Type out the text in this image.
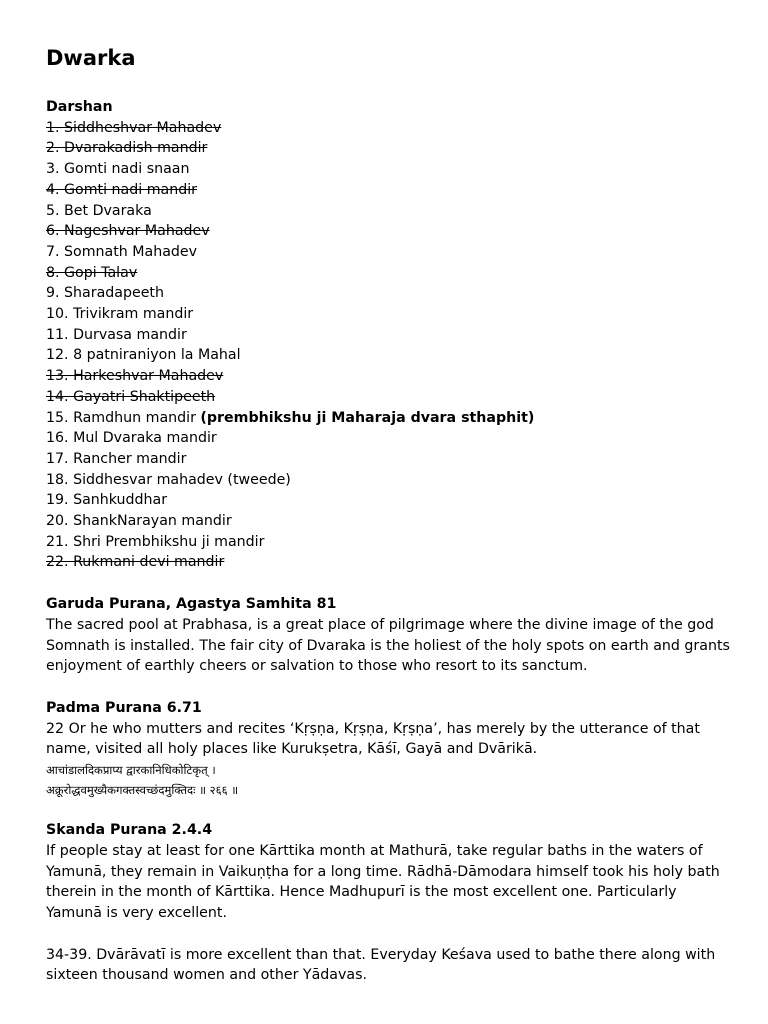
Dwarka
Darshan
1. Siddheshvar Mahadev
2. Dvarakadish mandir
3. Gomti nadi snaan
4. Gomti nadi mandir
5. Bet Dvaraka
6. Nageshvar Mahadev
7. Somnath Mahadev
8. Gopi Talav
9. Sharadapeeth
10. Trivikram mandir
11. Durvasa mandir
12. 8 patniraniyon la Mahal
13. Harkeshvar Mahadev
14. Gayatri Shaktipeeth
15. Ramdhun mandir (prembhikshu ji Maharaja dvara sthaphit)
16. Mul Dvaraka mandir
17. Rancher mandir
18. Siddhesvar mahadev (tweede)
19. Sanhkuddhar
20. ShankNarayan mandir
21. Shri Prembhikshu ji mandir
22. Rukmani devi mandir
Garuda Purana, Agastya Samhita 81
The sacred pool at Prabhasa, is a great place of pilgrimage where the divine image of the god Somnath is installed. The fair city of Dvaraka is the holiest of the holy spots on earth and grants enjoyment of earthly cheers or salvation to those who resort to its sanctum.
Padma Purana 6.71
22 Or he who mutters and recites ‘Kṛṣṇa, Kṛṣṇa, Kṛṣṇa’, has merely by the utterance of that name, visited all holy places like Kurukṣetra, Kāśī, Gayā and Dvārikā.
आचांडालदिकप्राप्य द्वारकानिधिकोटिकृत् ।
अक्रूरोद्धवमुख्यैकगक्तस्वच्छंदमुक्तिदः ॥ २६६ ॥
Skanda Purana 2.4.4
If people stay at least for one Kārttika month at Mathurā, take regular baths in the waters of Yamunā, they remain in Vaikuṇṭha for a long time. Rādhā-Dāmodara himself took his holy bath therein in the month of Kārttika. Hence Madhupurī is the most excellent one. Particularly Yamunā is very excellent.
34-39. Dvārāvatī is more excellent than that. Everyday Keśava used to bathe there along with sixteen thousand women and other Yādavas.
